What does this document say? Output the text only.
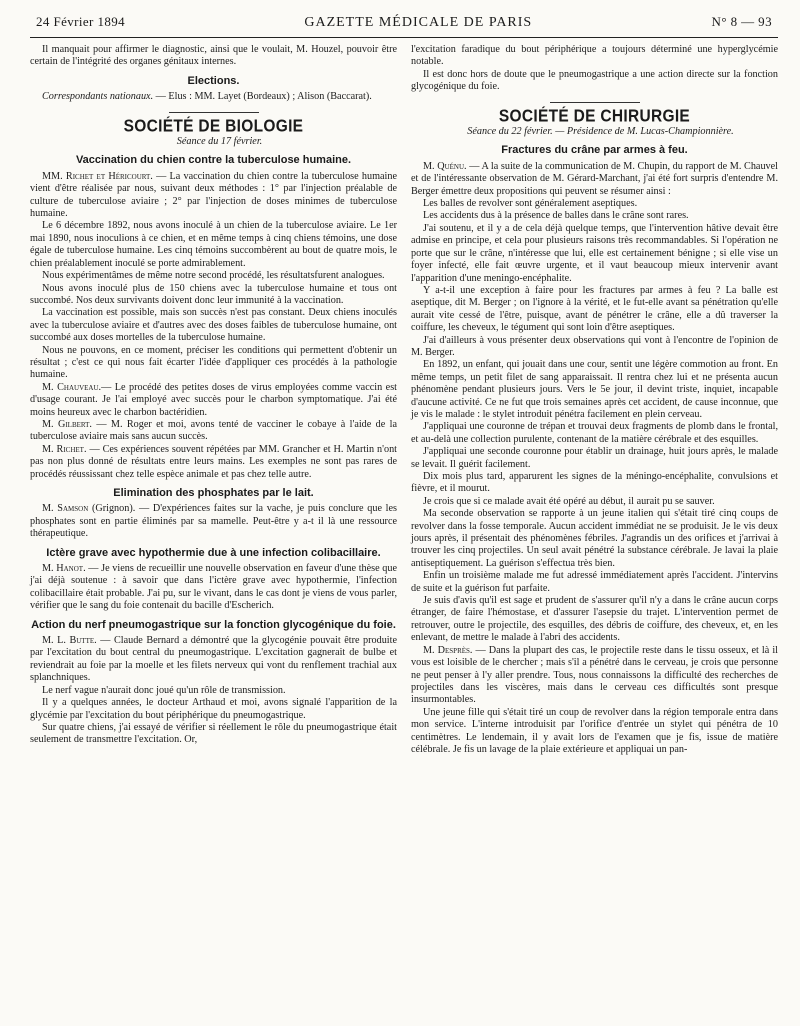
24 Février 1894	GAZETTE MÉDICALE DE PARIS	N° 8 — 93

Il manquait pour affirmer le diagnostic, ainsi que le voulait, M. Houzel, pouvoir être certain de l'intégrité des organes génitaux internes.

Elections.

Correspondants nationaux. — Elus : MM. Layet (Bordeaux) ; Alison (Baccarat).

SOCIÉTÉ DE BIOLOGIE

Séance du 17 février.

Vaccination du chien contre la tuberculose humaine.

MM. Richet et Héricourt. — La vaccination du chien contre la tuberculose humaine vient d'être réalisée par nous, suivant deux méthodes : 1° par l'injection préalable de culture de tuberculose aviaire ; 2° par l'injection de doses minimes de tuberculose humaine.

Le 6 décembre 1892, nous avons inoculé à un chien de la tuberculose aviaire. Le 1er mai 1890, nous inoculions à ce chien, et en même temps à cinq chiens témoins, une dose égale de tuberculose humaine. Les cinq témoins succombèrent au bout de quatre mois, le chien préalablement inoculé se porte admirablement.

Nous expérimentâmes de même notre second procédé, les résultatsfurent analogues.

Nous avons inoculé plus de 150 chiens avec la tuberculose humaine et tous ont succombé. Nos deux survivants doivent donc leur immunité à la vaccination.

La vaccination est possible, mais son succès n'est pas constant. Deux chiens inoculés avec la tuberculose aviaire et d'autres avec des doses faibles de tuberculose humaine, ont succombé aux doses mortelles de la tuberculose humaine.

Nous ne pouvons, en ce moment, préciser les conditions qui permettent d'obtenir un résultat ; c'est ce qui nous fait écarter l'idée d'appliquer ces procédés à la pathologie humaine.

M. Chauveau.— Le procédé des petites doses de virus employées comme vaccin est d'usage courant. Je l'ai employé avec succès pour le charbon symptomatique. J'ai été moins heureux avec le charbon bactéridien.

M. Gilbert. — M. Roger et moi, avons tenté de vacciner le cobaye à l'aide de la tuberculose aviaire mais sans aucun succès.

M. Richet. — Ces expériences souvent répétées par MM. Grancher et H. Martin n'ont pas non plus donné de résultats entre leurs mains. Les exemples ne sont pas rares de procédés réussissant chez telle espèce animale et pas chez telle autre.

Elimination des phosphates par le lait.

M. Samson (Grignon). — D'expériences faites sur la vache, je puis conclure que les phosphates sont en partie éliminés par sa mamelle. Peut-être y a-t il là une ressource thérapeutique.

Ictère grave avec hypothermie due à une infection colibacillaire.

M. Hanot. — Je viens de recueillir une nouvelle observation en faveur d'une thèse que j'ai déjà soutenue : à savoir que dans l'ictère grave avec hypothermie, l'infection colibacillaire était probable. J'ai pu, sur le vivant, dans le cas dont je viens de vous parler, vérifier que le sang du foie contenait du bacille d'Escherich.

Action du nerf pneumogastrique sur la fonction glycogénique du foie.

M. L. Butte. — Claude Bernard a démontré que la glycogénie pouvait être produite par l'excitation du bout central du pneumogastrique. L'excitation gagnerait de bulbe et reviendrait au foie par la moelle et les filets nerveux qui vont du renflement trachial aux splanchniques.

Le nerf vague n'aurait donc joué qu'un rôle de transmission.

Il y a quelques années, le docteur Arthaud et moi, avons signalé l'apparition de la glycémie par l'excitation du bout périphérique du pneumogastrique.

Sur quatre chiens, j'ai essayé de vérifier si réellement le rôle du pneumogastrique était seulement de transmettre l'excitation. Or,

l'excitation faradique du bout périphérique a toujours déterminé une hyperglycémie notable.

Il est donc hors de doute que le pneumogastrique a une action directe sur la fonction glycogénique du foie.

SOCIÉTÉ DE CHIRURGIE

Séance du 22 février. — Présidence de M. Lucas-Championnière.

Fractures du crâne par armes à feu.

M. Quénu. — A la suite de la communication de M. Chupin, du rapport de M. Chauvel et de l'intéressante observation de M. Gérard-Marchant, j'ai été fort surpris d'entendre M. Berger émettre deux propositions qui peuvent se résumer ainsi :

Les balles de revolver sont généralement aseptiques.

Les accidents dus à la présence de balles dans le crâne sont rares.

J'ai soutenu, et il y a de cela déjà quelque temps, que l'intervention hâtive devait être admise en principe, et cela pour plusieurs raisons très recommandables. Si l'opération ne porte que sur le crâne, n'intéresse que lui, elle est certainement bénigne ; si elle vise un foyer infecté, elle fait œuvre urgente, et il vaut beaucoup mieux intervenir avant l'apparition d'une meningo-encéphalite.

Y a-t-il une exception à faire pour les fractures par armes à feu ? La balle est aseptique, dit M. Berger ; on l'ignore à la vérité, et le fut-elle avant sa pénétration qu'elle aurait vite cessé de l'être, puisque, avant de pénétrer le crâne, elle a dû traverser la coiffure, les cheveux, le tégument qui sont loin d'être aseptiques.

J'ai d'ailleurs à vous présenter deux observations qui vont à l'encontre de l'opinion de M. Berger.

En 1892, un enfant, qui jouait dans une cour, sentit une légère commotion au front. En même temps, un petit filet de sang apparaissait. Il rentra chez lui et ne présenta aucun phénomène pendant plusieurs jours. Vers le 5e jour, il devint triste, inquiet, incapable d'aucune activité. Ce ne fut que trois semaines après cet accident, de cause inconnue, que je vis le malade : le stylet introduit pénétra facilement en plein cerveau.

J'appliquai une couronne de trépan et trouvai deux fragments de plomb dans le frontal, et au-delà une collection purulente, contenant de la matière cérébrale et des esquilles.

J'appliquai une seconde couronne pour établir un drainage, huit jours après, le malade se levait. Il guérit facilement.

Dix mois plus tard, apparurent les signes de la méningo-encéphalite, convulsions et fièvre, et il mourut.

Je crois que si ce malade avait été opéré au début, il aurait pu se sauver.

Ma seconde observation se rapporte à un jeune italien qui s'était tiré cinq coups de revolver dans la fosse temporale. Aucun accident immédiat ne se produisit. Je le vis deux jours après, il présentait des phénomènes fébriles. J'agrandis un des orifices et j'arrivai à trouver les cinq projectiles. Un seul avait pénétré la substance cérébrale. Je lavai la plaie antiseptiquement. La guérison s'effectua très bien.

Enfin un troisième malade me fut adressé immédiatement après l'accident. J'intervins de suite et la guérison fut parfaite.

Je suis d'avis qu'il est sage et prudent de s'assurer qu'il n'y a dans le crâne aucun corps étranger, de faire l'hémostase, et d'assurer l'asepsie du trajet. L'intervention permet de retrouver, outre le projectile, des esquilles, des débris de coiffure, des cheveux, et, en les enlevant, de mettre le malade à l'abri des accidents.

M. Desprès. — Dans la plupart des cas, le projectile reste dans le tissu osseux, et là il vous est loisible de le chercher ; mais s'il a pénétré dans le cerveau, je crois que personne ne peut penser à l'y aller prendre. Tous, nous connaissons la difficulté des recherches de projectiles dans les viscères, mais dans le cerveau ces difficultés sont presque insurmontables.

Une jeune fille qui s'était tiré un coup de revolver dans la région temporale entra dans mon service. L'interne introduisit par l'orifice d'entrée un stylet qui pénétra de 10 centimètres. Le lendemain, il y avait lors de l'examen que je fis, issue de matière célébrale. Je fis un lavage de la plaie extérieure et appliquai un pan-
